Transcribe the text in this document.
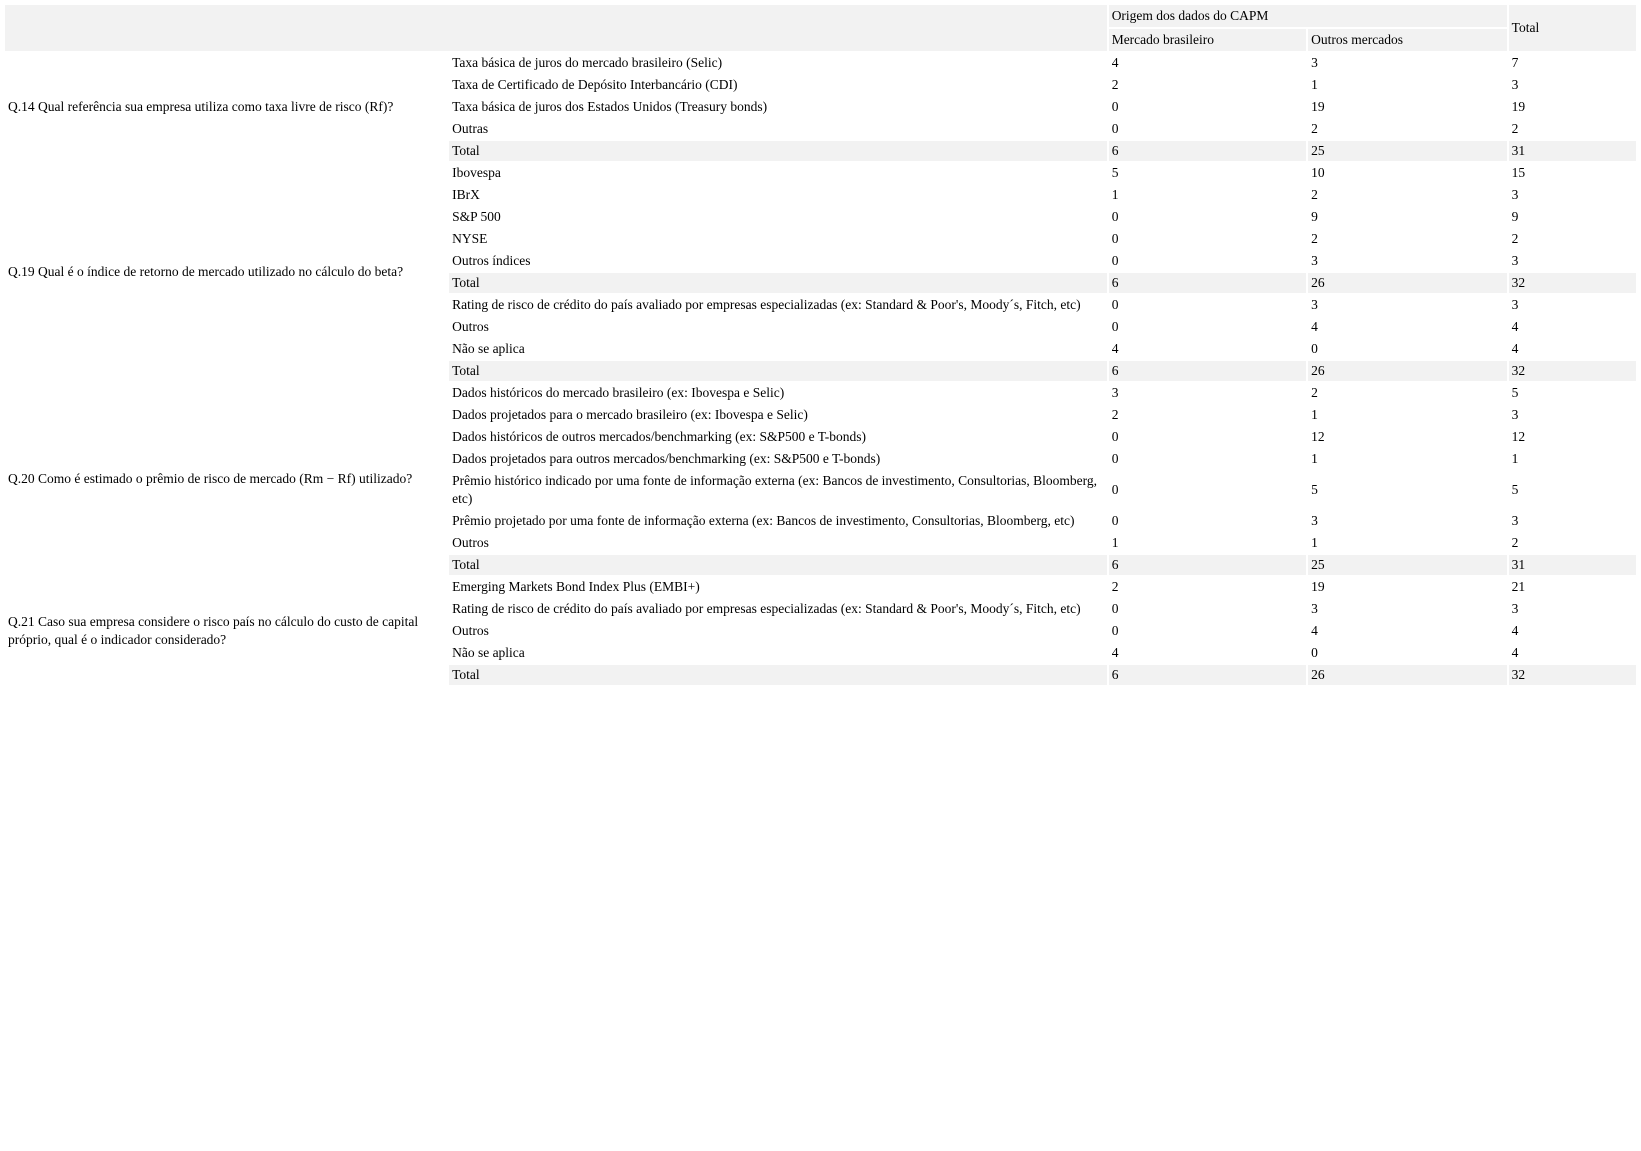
		Origem dos dados do CAPM		Total
		Mercado brasileiro	Outros mercados	
Q.14 Qual referência sua empresa utiliza como taxa livre de risco (Rf)?	Taxa básica de juros do mercado brasileiro (Selic)	4	3	7
	Taxa de Certificado de Depósito Interbancário (CDI)	2	1	3
	Taxa básica de juros dos Estados Unidos (Treasury bonds)	0	19	19
	Outras	0	2	2
	Total	6	25	31
Q.19 Qual é o índice de retorno de mercado utilizado no cálculo do beta?	Ibovespa	5	10	15
	IBrX	1	2	3
	S&P 500	0	9	9
	NYSE	0	2	2
	Outros índices	0	3	3
	Total	6	26	32
	Rating de risco de crédito do país avaliado por empresas especializadas (ex: Standard & Poor's, Moody´s, Fitch, etc)	0	3	3
	Outros	0	4	4
	Não se aplica	4	0	4
	Total	6	26	32
Q.20 Como é estimado o prêmio de risco de mercado (Rm − Rf) utilizado?	Dados históricos do mercado brasileiro (ex: Ibovespa e Selic)	3	2	5
	Dados projetados para o mercado brasileiro (ex: Ibovespa e Selic)	2	1	3
	Dados históricos de outros mercados/benchmarking (ex: S&P500 e T-bonds)	0	12	12
	Dados projetados para outros mercados/benchmarking (ex: S&P500 e T-bonds)	0	1	1
	Prêmio histórico indicado por uma fonte de informação externa (ex: Bancos de investimento, Consultorias, Bloomberg, etc)	0	5	5
	Prêmio projetado por uma fonte de informação externa (ex: Bancos de investimento, Consultorias, Bloomberg, etc)	0	3	3
	Outros	1	1	2
	Total	6	25	31
Q.21 Caso sua empresa considere o risco país no cálculo do custo de capital próprio, qual é o indicador considerado?	Emerging Markets Bond Index Plus (EMBI+)	2	19	21
	Rating de risco de crédito do país avaliado por empresas especializadas (ex: Standard & Poor's, Moody´s, Fitch, etc)	0	3	3
	Outros	0	4	4
	Não se aplica	4	0	4
	Total	6	26	32
